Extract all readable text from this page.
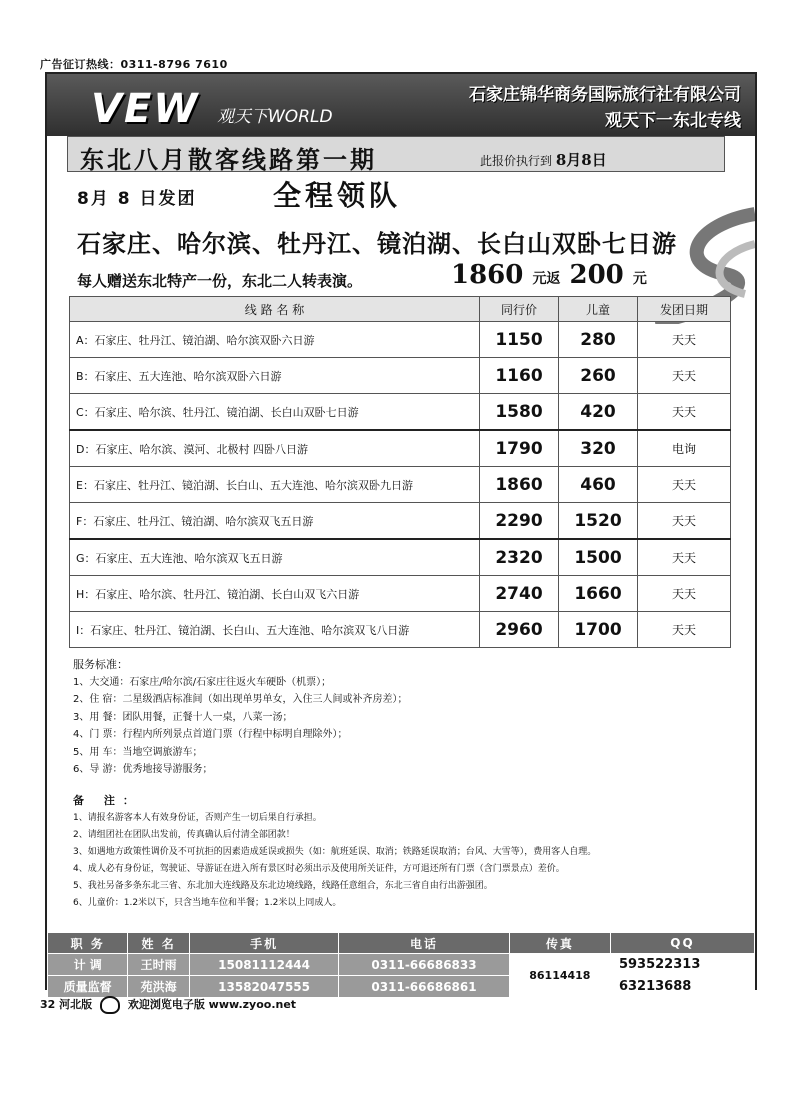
广告征订热线：0311-8796 7610
VEW 观天下WORLD
石家庄锦华商务国际旅行社有限公司
观天下一东北专线
东北八月散客线路第一期	此报价执行到 8月8日
8月 8 日发团	全程领队
石家庄、哈尔滨、牡丹江、镜泊湖、长白山双卧七日游
每人赠送东北特产一份，东北二人转表演。	1860 元返 200 元
线 路 名 称	同行价	儿童	发团日期
A：石家庄、牡丹江、镜泊湖、哈尔滨双卧六日游	1150	280	天天
B：石家庄、五大连池、哈尔滨双卧六日游	1160	260	天天
C：石家庄、哈尔滨、牡丹江、镜泊湖、长白山双卧七日游	1580	420	天天
D：石家庄、哈尔滨、漠河、北极村 四卧八日游	1790	320	电询
E：石家庄、牡丹江、镜泊湖、长白山、五大连池、哈尔滨双卧九日游	1860	460	天天
F：石家庄、牡丹江、镜泊湖、哈尔滨双飞五日游	2290	1520	天天
G：石家庄、五大连池、哈尔滨双飞五日游	2320	1500	天天
H：石家庄、哈尔滨、牡丹江、镜泊湖、长白山双飞六日游	2740	1660	天天
I：石家庄、牡丹江、镜泊湖、长白山、五大连池、哈尔滨双飞八日游	2960	1700	天天
服务标准：
1、大交通：石家庄/哈尔滨/石家庄往返火车硬卧（机票）；
2、住 宿：二星级酒店标准间（如出现单男单女，入住三人间或补齐房差）；
3、用 餐：团队用餐，正餐十人一桌，八菜一汤；
4、门 票：行程内所列景点首道门票（行程中标明自理除外）；
5、用 车：当地空调旅游车；
6、导 游：优秀地接导游服务；
备 注：
1、请报名游客本人有效身份证，否则产生一切后果自行承担。
2、请组团社在团队出发前，传真确认后付清全部团款！
3、如遇地方政策性调价及不可抗拒的因素造成延误或损失（如：航班延误、取消；铁路延误取消；台风、大雪等），费用客人自理。
4、成人必有身份证，驾驶证、导游证在进入所有景区时必须出示及使用所关证件，方可退还所有门票（含门票景点）差价。
5、我社另备多条东北三省、东北加大连线路及东北边境线路，线路任意组合，东北三省自由行出游强团。
6、儿童价：1.2米以下，只含当地车位和半餐；1.2米以上同成人。
职 务	姓 名	手机	电话	传真	QQ
计 调	王时雨	15081112444	0311-66686833	86114418	593522313
质量监督	苑洪海	13582047555	0311-66686861		63213688
32 河北版	欢迎浏览电子版 www.zyoo.net
